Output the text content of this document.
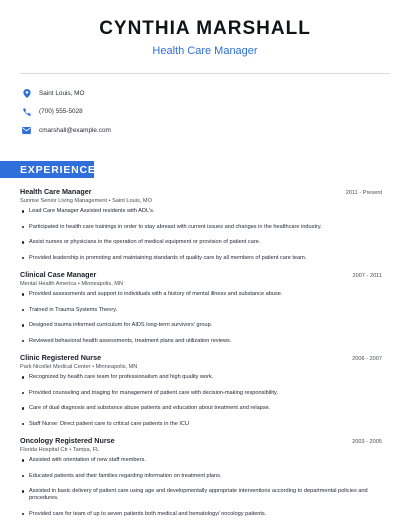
CYNTHIA MARSHALL
Health Care Manager
Saint Louis, MO
(700) 555-5028
cmarshall@example.com
EXPERIENCE
Health Care Manager	2011 - Present
Sunrise Senior Living Management • Saint Louis, MO
Lead Care Manager Assisted residents with ADL's.
Participated in health care trainings in order to stay abreast with current issues and changes in the healthcare industry.
Assist nurses or physicians in the operation of medical equipment or provision of patient care.
Provided leadership in promoting and maintaining standards of quality care by all members of patient care team.
Clinical Case Manager	2007 - 2011
Mental Health America • Minneapolis, MN
Provided assessments and support to individuals with a history of mental illness and substance abuse.
Trained in Trauma Systems Theory.
Designed trauma informed curriculum for AIDS long-term survivors' group.
Reviewed behavioral health assessments, treatment plans and utilization reviews.
Clinic Registered Nurse	2006 - 2007
Park Nicollet Medical Center • Minneapolis, MN
Recognized by health care team for professionalism and high quality work.
Provided counseling and triaging for management of patient care with decision-making responsibility.
Care of dual diagnosis and substance abuse patients and education about treatment and relapse.
Staff Nurse: Direct patient care to critical care patients in the ICU
Oncology Registered Nurse	2003 - 2005
Florida Hospital Ctr • Tampa, FL
Assisted with orientation of new staff members.
Educated patients and their families regarding information on treatment plans.
Assisted in basic delivery of patient care using age and developmentally appropriate interventions according to departmental policies and procedures.
Provided care for team of up to seven patients both medical and hematology/ oncology patients.
